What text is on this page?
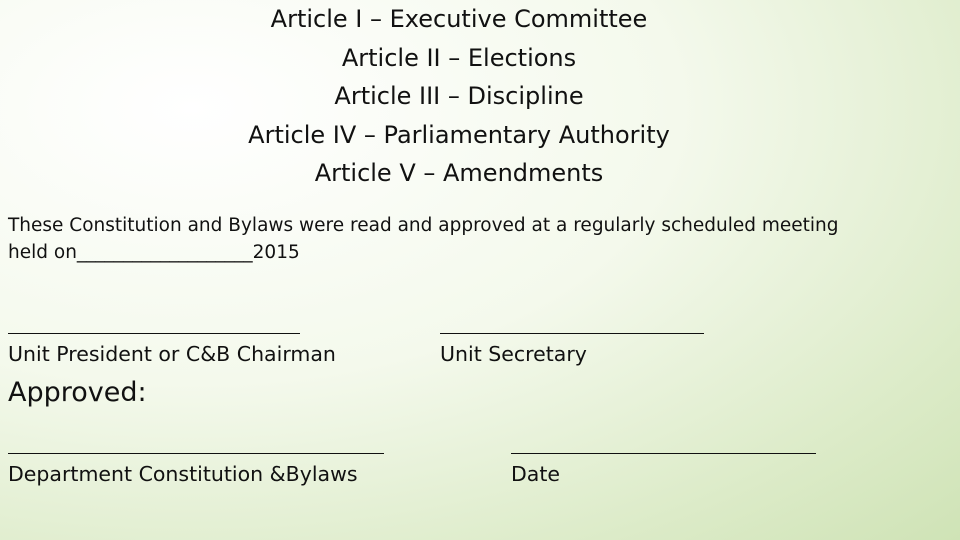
Article I – Executive Committee
Article II – Elections
Article III – Discipline
Article IV – Parliamentary Authority
Article V – Amendments
These Constitution and Bylaws were read and approved at a regularly scheduled meeting
held on___________________2015
Unit President or C&B Chairman	Unit Secretary
Approved:
Department Constitution &Bylaws	Date
